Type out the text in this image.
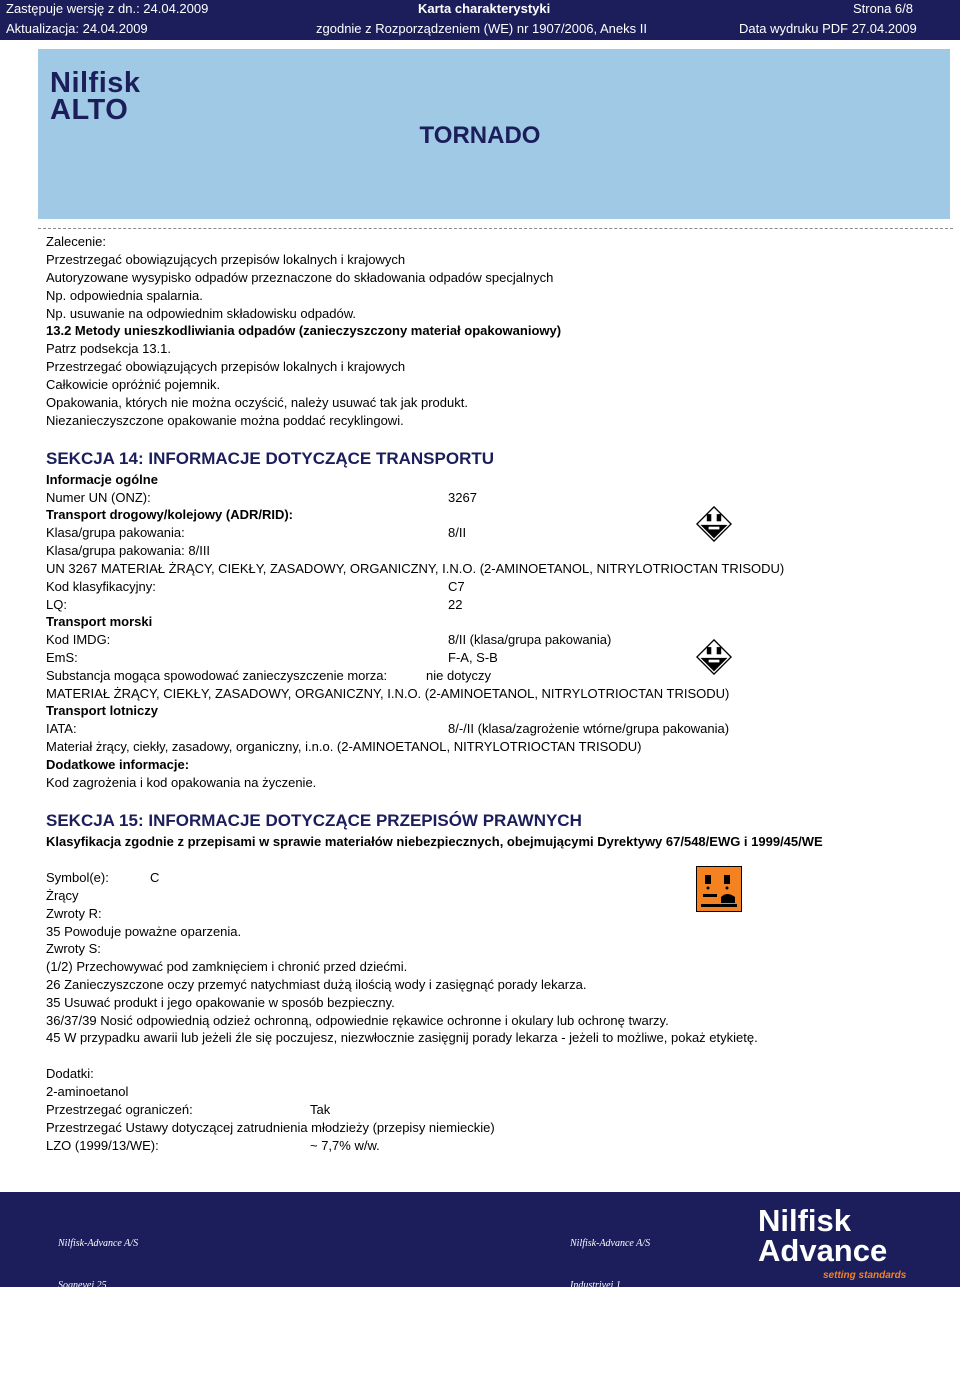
Zastępuje wersję z dn.: 24.04.2009	Karta charakterystyki	Strona 6/8
Aktualizacja: 24.04.2009	zgodnie z Rozporządzeniem (WE) nr 1907/2006, Aneks II	Data wydruku PDF 27.04.2009
Nilfisk
ALTO
TORNADO
Zalecenie:
Przestrzegać obowiązujących przepisów lokalnych i krajowych
Autoryzowane wysypisko odpadów przeznaczone do składowania odpadów specjalnych
Np. odpowiednia spalarnia.
Np. usuwanie na odpowiednim składowisku odpadów.
13.2 Metody unieszkodliwiania odpadów (zanieczyszczony materiał opakowaniowy)
Patrz podsekcja 13.1.
Przestrzegać obowiązujących przepisów lokalnych i krajowych
Całkowicie opróżnić pojemnik.
Opakowania, których nie można oczyścić, należy usuwać tak jak produkt.
Niezanieczyszczone opakowanie można poddać recyklingowi.
SEKCJA 14: INFORMACJE DOTYCZĄCE TRANSPORTU
Informacje ogólne
Numer UN (ONZ):	3267
Transport drogowy/kolejowy (ADR/RID):
Klasa/grupa pakowania:	8/II
Klasa/grupa pakowania: 8/III
UN 3267 MATERIAŁ ŻRĄCY, CIEKŁY, ZASADOWY, ORGANICZNY, I.N.O. (2-AMINOETANOL, NITRYLOTRIOCTAN TRISODU)
Kod klasyfikacyjny:	C7
LQ:	22
Transport morski
Kod IMDG:	8/II (klasa/grupa pakowania)
EmS:	F-A, S-B
Substancja mogąca spowodować zanieczyszczenie morza:	nie dotyczy
MATERIAŁ ŻRĄCY, CIEKŁY, ZASADOWY, ORGANICZNY, I.N.O. (2-AMINOETANOL, NITRYLOTRIOCTAN TRISODU)
Transport lotniczy
IATA:	8/-/II (klasa/zagrożenie wtórne/grupa pakowania)
Materiał żrący, ciekły, zasadowy, organiczny, i.n.o. (2-AMINOETANOL, NITRYLOTRIOCTAN TRISODU)
Dodatkowe informacje:
Kod zagrożenia i kod opakowania na życzenie.
SEKCJA 15: INFORMACJE DOTYCZĄCE PRZEPISÓW PRAWNYCH
Klasyfikacja zgodnie z przepisami w sprawie materiałów niebezpiecznych, obejmującymi Dyrektywy 67/548/EWG i 1999/45/WE
Symbol(e):	C
Żrący
Zwroty R:
35 Powoduje poważne oparzenia.
Zwroty S:
(1/2) Przechowywać pod zamknięciem i chronić przed dziećmi.
26 Zanieczyszczone oczy przemyć natychmiast dużą ilością wody i zasięgnąć porady lekarza.
35 Usuwać produkt i jego opakowanie w sposób bezpieczny.
36/37/39 Nosić odpowiednią odzież ochronną, odpowiednie rękawice ochronne i okulary lub ochronę twarzy.
45 W przypadku awarii lub jeżeli źle się poczujesz, niezwłocznie zasięgnij porady lekarza - jeżeli to możliwe, pokaż etykietę.
Dodatki:
2-aminoetanol
Przestrzegać ograniczeń:	Tak
Przestrzegać Ustawy dotyczącej zatrudnienia młodzieży (przepisy niemieckie)
LZO (1999/13/WE):	~ 7,7% w/w.

Nilfisk-Advance A/S

Sognevej 25

DK - 2605 Broendby

Tel: +45 43 23 81 00

Nilfisk-Advance A/S

Industrivej 1

DK - 9560 Hadsund

Tel: +45 72 18 21 00

Nilfisk
Advance
setting standards
